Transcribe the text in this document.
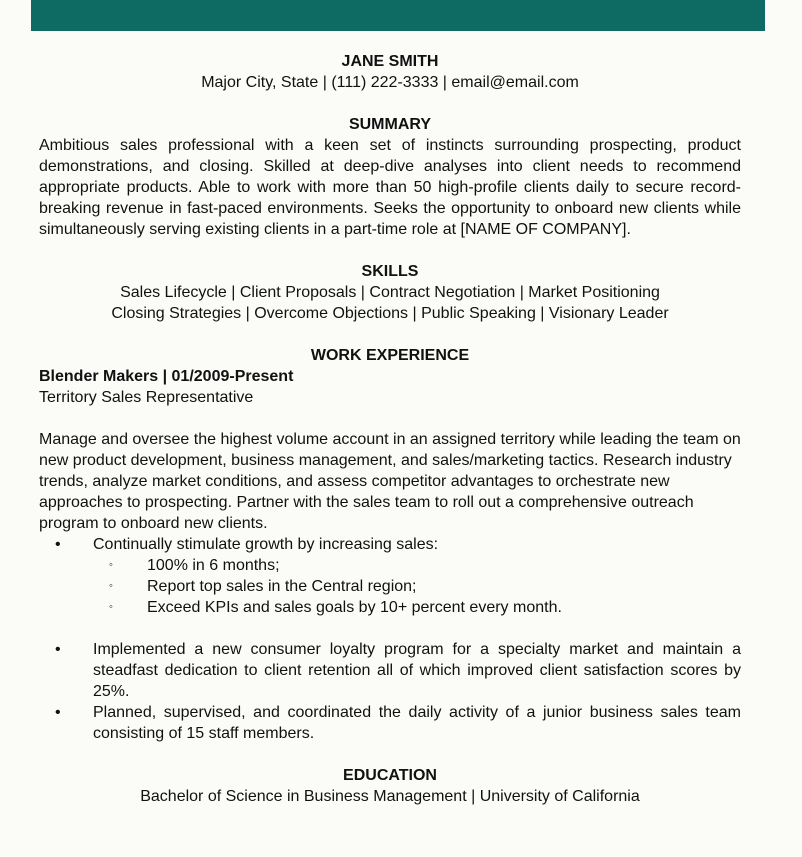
JANE SMITH
Major City, State | (111) 222-3333 | email@email.com
SUMMARY
Ambitious sales professional with a keen set of instincts surrounding prospecting, product demonstrations, and closing. Skilled at deep-dive analyses into client needs to recommend appropriate products. Able to work with more than 50 high-profile clients daily to secure record-breaking revenue in fast-paced environments. Seeks the opportunity to onboard new clients while simultaneously serving existing clients in a part-time role at [NAME OF COMPANY].
SKILLS
Sales Lifecycle | Client Proposals | Contract Negotiation | Market Positioning
Closing Strategies | Overcome Objections | Public Speaking | Visionary Leader
WORK EXPERIENCE
Blender Makers | 01/2009-Present
Territory Sales Representative
Manage and oversee the highest volume account in an assigned territory while leading the team on new product development, business management, and sales/marketing tactics. Research industry trends, analyze market conditions, and assess competitor advantages to orchestrate new approaches to prospecting. Partner with the sales team to roll out a comprehensive outreach program to onboard new clients.
• Continually stimulate growth by increasing sales:
◦ 100% in 6 months;
◦ Report top sales in the Central region;
◦ Exceed KPIs and sales goals by 10+ percent every month.
• Implemented a new consumer loyalty program for a specialty market and maintain a steadfast dedication to client retention all of which improved client satisfaction scores by 25%.
• Planned, supervised, and coordinated the daily activity of a junior business sales team consisting of 15 staff members.
EDUCATION
Bachelor of Science in Business Management | University of California
